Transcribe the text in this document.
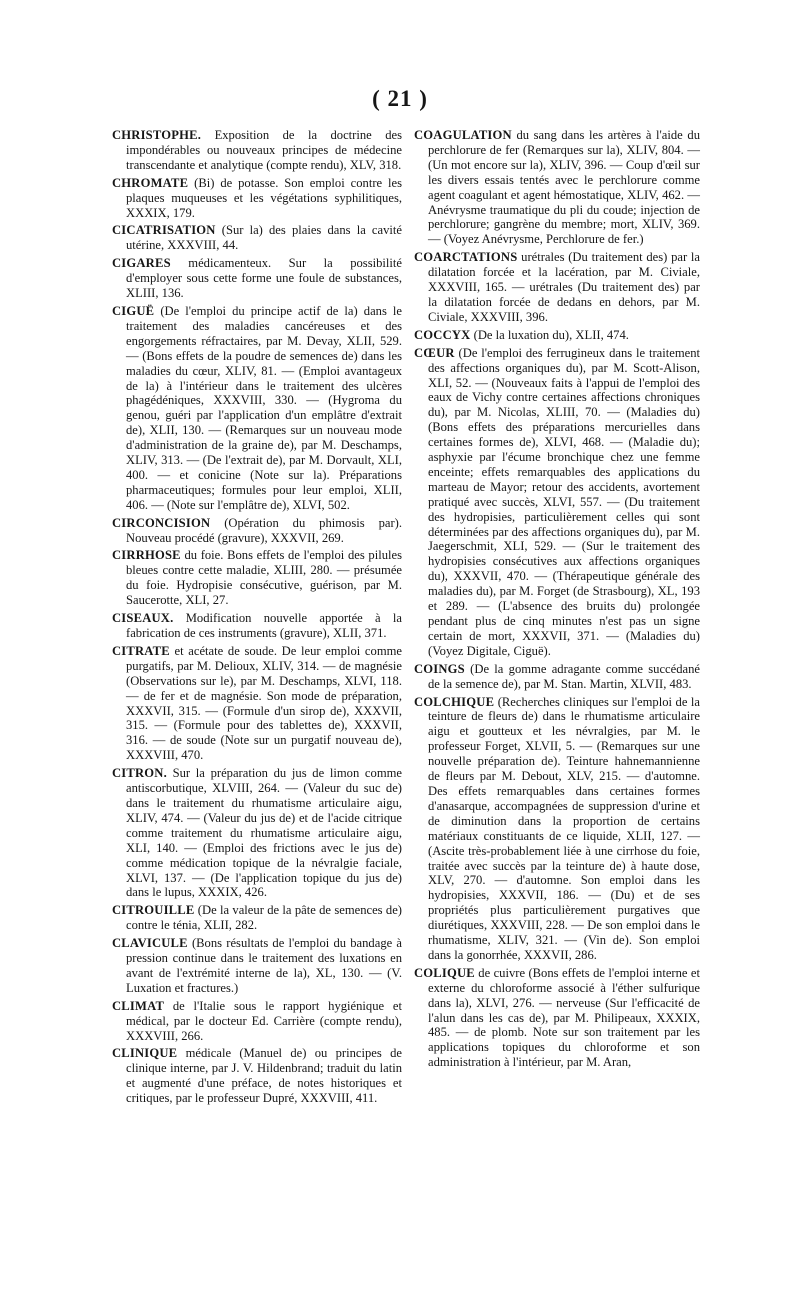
( 21 )

CHRISTOPHE. Exposition de la doctrine des impondérables ou nouveaux principes de médecine transcendante et analytique (compte rendu), XLV, 318.

CHROMATE (Bi) de potasse. Son emploi contre les plaques muqueuses et les végétations syphilitiques, XXXIX, 179.

CICATRISATION (Sur la) des plaies dans la cavité utérine, XXXVIII, 44.

CIGARES médicamenteux. Sur la possibilité d'employer sous cette forme une foule de substances, XLIII, 136.

CIGUË (De l'emploi du principe actif de la) dans le traitement des maladies cancéreuses et des engorgements réfractaires, par M. Devay, XLII, 529. — (Bons effets de la poudre de semences de) dans les maladies du cœur, XLIV, 81. — (Emploi avantageux de la) à l'intérieur dans le traitement des ulcères phagédéniques, XXXVIII, 330. — (Hygroma du genou, guéri par l'application d'un emplâtre d'extrait de), XLII, 130. — (Remarques sur un nouveau mode d'administration de la graine de), par M. Deschamps, XLIV, 313. — (De l'extrait de), par M. Dorvault, XLI, 400. — et conicine (Note sur la). Préparations pharmaceutiques; formules pour leur emploi, XLII, 406. — (Note sur l'emplâtre de), XLVI, 502.

CIRCONCISION (Opération du phimosis par). Nouveau procédé (gravure), XXXVII, 269.

CIRRHOSE du foie. Bons effets de l'emploi des pilules bleues contre cette maladie, XLIII, 280. — présumée du foie. Hydropisie consécutive, guérison, par M. Saucerotte, XLI, 27.

CISEAUX. Modification nouvelle apportée à la fabrication de ces instruments (gravure), XLII, 371.

CITRATE et acétate de soude. De leur emploi comme purgatifs, par M. Delioux, XLIV, 314. — de magnésie (Observations sur le), par M. Deschamps, XLVI, 118. — de fer et de magnésie. Son mode de préparation, XXXVII, 315. — (Formule d'un sirop de), XXXVII, 315. — (Formule pour des tablettes de), XXXVII, 316. — de soude (Note sur un purgatif nouveau de), XXXVIII, 470.

CITRON. Sur la préparation du jus de limon comme antiscorbutique, XLVIII, 264. — (Valeur du suc de) dans le traitement du rhumatisme articulaire aigu, XLIV, 474. — (Valeur du jus de) et de l'acide citrique comme traitement du rhumatisme articulaire aigu, XLI, 140. — (Emploi des frictions avec le jus de) comme médication topique de la névralgie faciale, XLVI, 137. — (De l'application topique du jus de) dans le lupus, XXXIX, 426.

CITROUILLE (De la valeur de la pâte de semences de) contre le ténia, XLII, 282.

CLAVICULE (Bons résultats de l'emploi du bandage à pression continue dans le traitement des luxations en avant de l'extrémité interne de la), XL, 130. — (V. Luxation et fractures.)

CLIMAT de l'Italie sous le rapport hygiénique et médical, par le docteur Ed. Carrière (compte rendu), XXXVIII, 266.

CLINIQUE médicale (Manuel de) ou principes de clinique interne, par J. V. Hildenbrand; traduit du latin et augmenté d'une préface, de notes historiques et critiques, par le professeur Dupré, XXXVIII, 411.

COAGULATION du sang dans les artères à l'aide du perchlorure de fer (Remarques sur la), XLIV, 804. — (Un mot encore sur la), XLIV, 396. — Coup d'œil sur les divers essais tentés avec le perchlorure comme agent coagulant et agent hémostatique, XLIV, 462. — Anévrysme traumatique du pli du coude; injection de perchlorure; gangrène du membre; mort, XLIV, 369. — (Voyez Anévrysme, Perchlorure de fer.)

COARCTATIONS urétrales (Du traitement des) par la dilatation forcée et la lacération, par M. Civiale, XXXVIII, 165. — urétrales (Du traitement des) par la dilatation forcée de dedans en dehors, par M. Civiale, XXXVIII, 396.

COCCYX (De la luxation du), XLII, 474.

CŒUR (De l'emploi des ferrugineux dans le traitement des affections organiques du), par M. Scott-Alison, XLI, 52. — (Nouveaux faits à l'appui de l'emploi des eaux de Vichy contre certaines affections chroniques du), par M. Nicolas, XLIII, 70. — (Maladies du) (Bons effets des préparations mercurielles dans certaines formes de), XLVI, 468. — (Maladie du); asphyxie par l'écume bronchique chez une femme enceinte; effets remarquables des applications du marteau de Mayor; retour des accidents, avortement pratiqué avec succès, XLVI, 557. — (Du traitement des hydropisies, particulièrement celles qui sont déterminées par des affections organiques du), par M. Jaegerschmit, XLI, 529. — (Sur le traitement des hydropisies consécutives aux affections organiques du), XXXVII, 470. — (Thérapeutique générale des maladies du), par M. Forget (de Strasbourg), XL, 193 et 289. — (L'absence des bruits du) prolongée pendant plus de cinq minutes n'est pas un signe certain de mort, XXXVII, 371. — (Maladies du) (Voyez Digitale, Ciguë).

COINGS (De la gomme adragante comme succédané de la semence de), par M. Stan. Martin, XLVII, 483.

COLCHIQUE (Recherches cliniques sur l'emploi de la teinture de fleurs de) dans le rhumatisme articulaire aigu et goutteux et les névralgies, par M. le professeur Forget, XLVII, 5. — (Remarques sur une nouvelle préparation de). Teinture hahnemannienne de fleurs par M. Debout, XLV, 215. — d'automne. Des effets remarquables dans certaines formes d'anasarque, accompagnées de suppression d'urine et de diminution dans la proportion de certains matériaux constituants de ce liquide, XLII, 127. — (Ascite très-probablement liée à une cirrhose du foie, traitée avec succès par la teinture de) à haute dose, XLV, 270. — d'automne. Son emploi dans les hydropisies, XXXVII, 186. — (Du) et de ses propriétés plus particulièrement purgatives que diurétiques, XXXVIII, 228. — De son emploi dans le rhumatisme, XLIV, 321. — (Vin de). Son emploi dans la gonorrhée, XXXVII, 286.

COLIQUE de cuivre (Bons effets de l'emploi interne et externe du chloroforme associé à l'éther sulfurique dans la), XLVI, 276. — nerveuse (Sur l'efficacité de l'alun dans les cas de), par M. Philipeaux, XXXIX, 485. — de plomb. Note sur son traitement par les applications topiques du chloroforme et son administration à l'intérieur, par M. Aran,
